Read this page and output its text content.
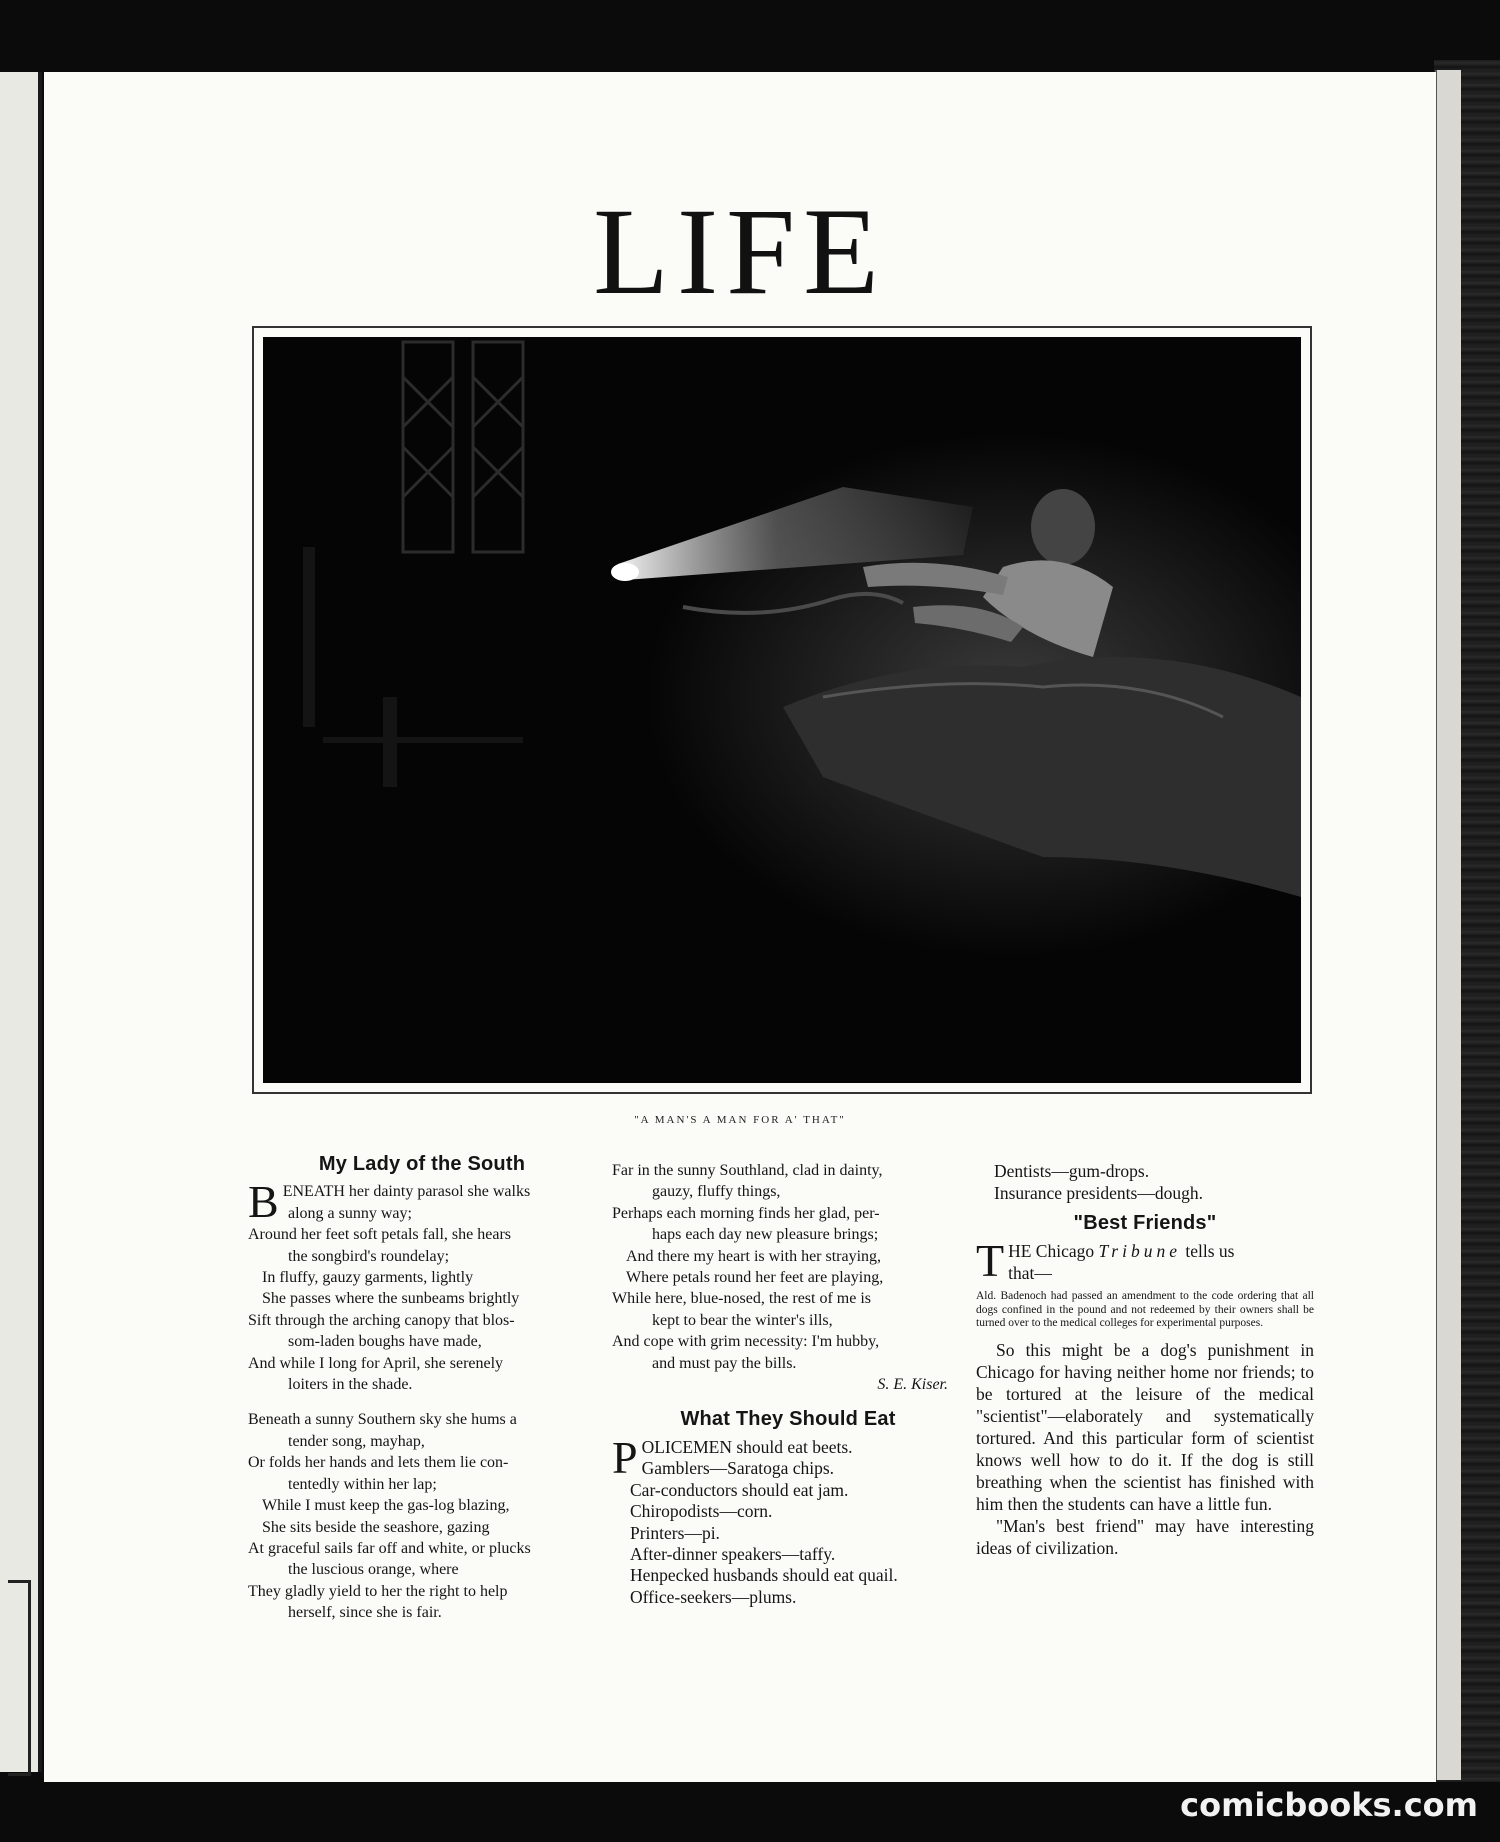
LIFE
"A MAN'S A MAN FOR A' THAT"
My Lady of the South
BENEATH her dainty parasol she walks
along a sunny way;
Around her feet soft petals fall, she hears
the songbird's roundelay;
In fluffy, gauzy garments, lightly
She passes where the sunbeams brightly
Sift through the arching canopy that blos-
som-laden boughs have made,
And while I long for April, she serenely
loiters in the shade.
Beneath a sunny Southern sky she hums a
tender song, mayhap,
Or folds her hands and lets them lie con-
tentedly within her lap;
While I must keep the gas-log blazing,
She sits beside the seashore, gazing
At graceful sails far off and white, or plucks
the luscious orange, where
They gladly yield to her the right to help
herself, since she is fair.
Far in the sunny Southland, clad in dainty,
gauzy, fluffy things,
Perhaps each morning finds her glad, per-
haps each day new pleasure brings;
And there my heart is with her straying,
Where petals round her feet are playing,
While here, blue-nosed, the rest of me is
kept to bear the winter's ills,
And cope with grim necessity: I'm hubby,
and must pay the bills.
S. E. Kiser.
What They Should Eat
POLICEMEN should eat beets.
Gamblers—Saratoga chips.
Car-conductors should eat jam.
Chiropodists—corn.
Printers—pi.
After-dinner speakers—taffy.
Henpecked husbands should eat quail.
Office-seekers—plums.
Dentists—gum-drops.
Insurance presidents—dough.
"Best Friends"
THE Chicago Tribune tells us
that—
Ald. Badenoch had passed an amendment to the code ordering that all dogs confined in the pound and not redeemed by their owners shall be turned over to the medical colleges for experimental purposes.
So this might be a dog's punishment in Chicago for having neither home nor friends; to be tortured at the leisure of the medical "scientist"—elaborately and systematically tortured. And this particular form of scientist knows well how to do it. If the dog is still breathing when the scientist has finished with him then the students can have a little fun.
"Man's best friend" may have interesting ideas of civilization.
comicbooks.com
